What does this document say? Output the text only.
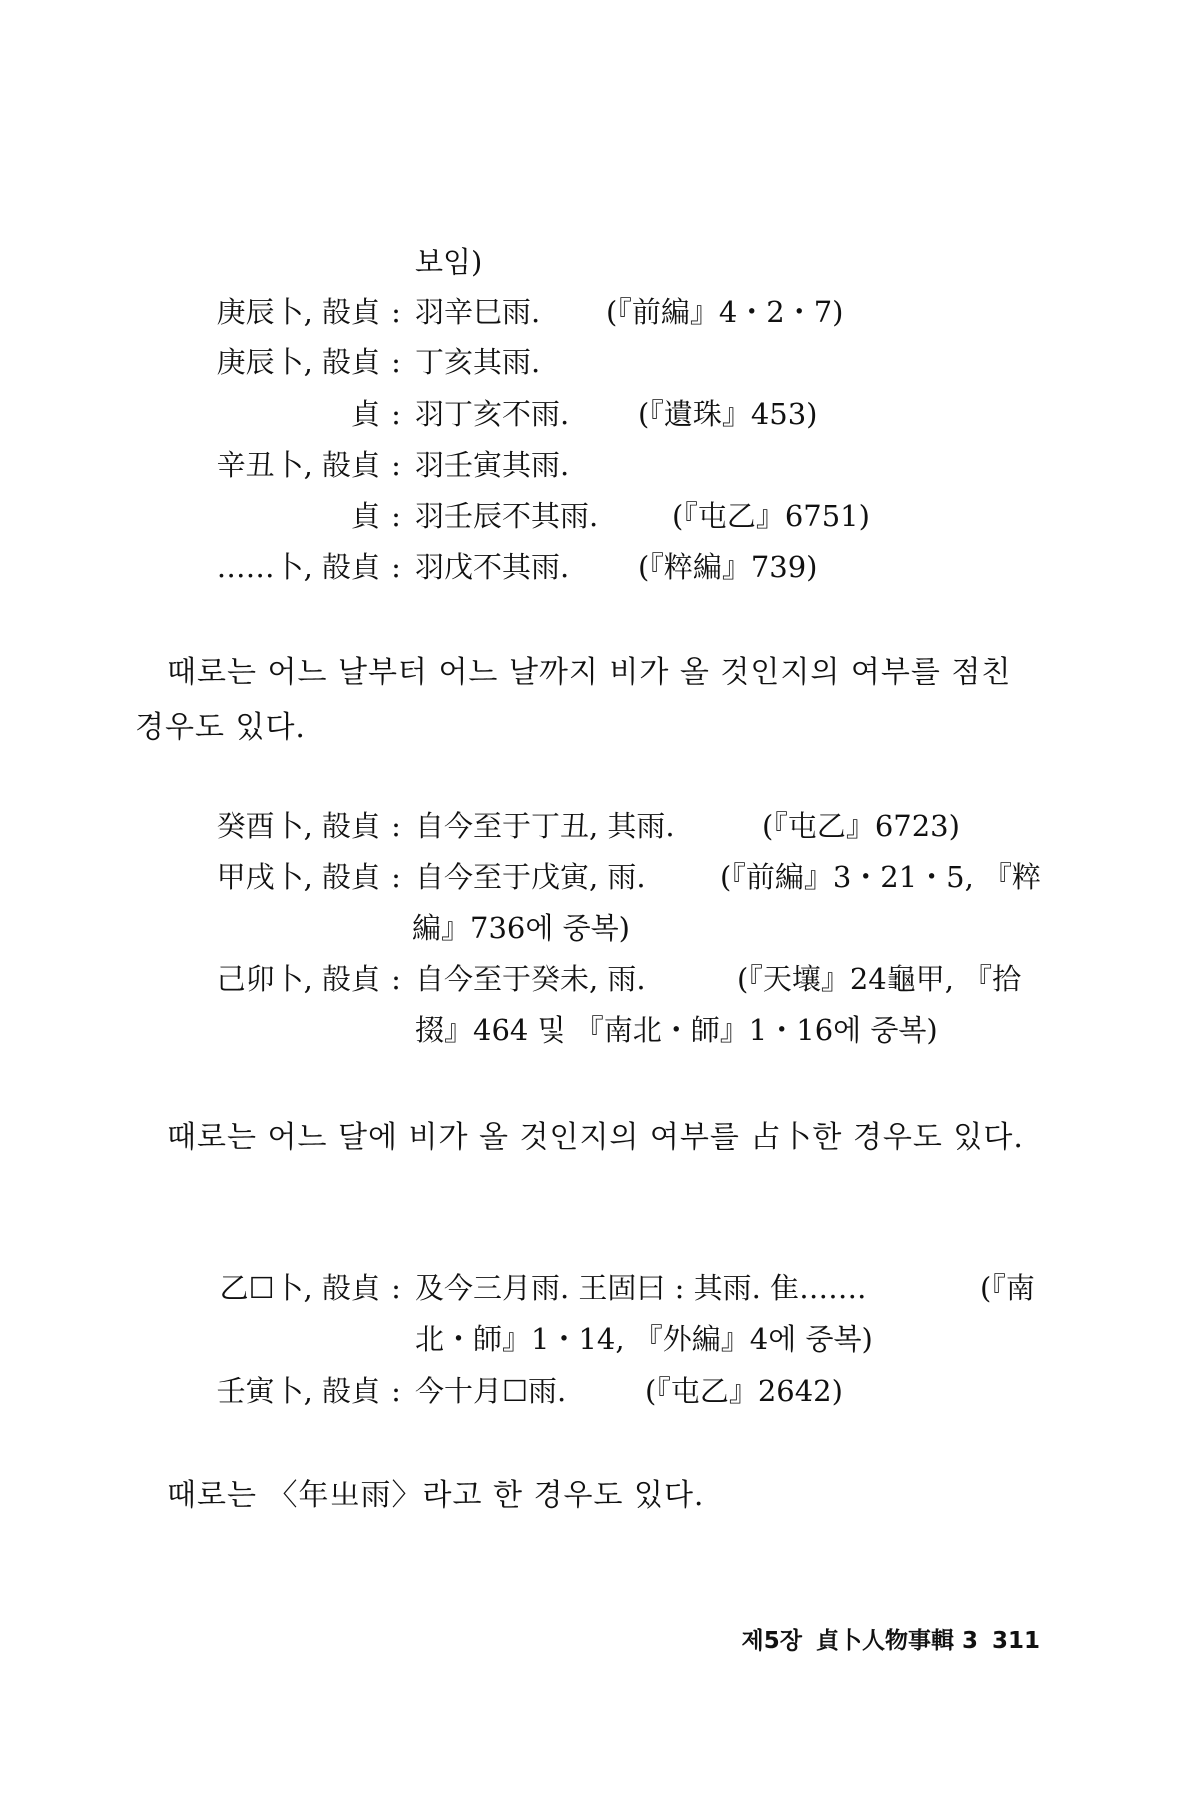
보임)
庚辰卜, 㱿貞 : 羽辛巳雨. (『前編』4・2・7)
庚辰卜, 㱿貞 : 丁亥其雨.
貞 : 羽丁亥不雨. (『遺珠』453)
辛丑卜, 㱿貞 : 羽壬寅其雨.
貞 : 羽壬辰不其雨.	(『屯乙』6751)
……卜, 㱿貞 : 羽戊不其雨. (『粹編』739)
때로는 어느 날부터 어느 날까지 비가 올 것인지의 여부를 점친 경우도 있다.
癸酉卜, 㱿貞 : 自今至于丁丑, 其雨.	(『屯乙』6723)
甲戌卜, 㱿貞 : 自今至于戊寅, 雨.	(『前編』3・21・5, 『粹
編』736에 중복)
己卯卜, 㱿貞 : 自今至于癸未, 雨.	(『天壤』24龜甲, 『拾
掇』464 및 『南北・師』1・16에 중복)
때로는 어느 달에 비가 올 것인지의 여부를 占卜한 경우도 있다.
乙☐卜, 㱿貞 : 及今三月雨. 王固曰 : 其雨. 隹…….	(『南
北・師』1・14, 『外編』4에 중복)
壬寅卜, 㱿貞 : 今十月☐雨.	(『屯乙』2642)
때로는 〈年㞢雨〉라고 한 경우도 있다.
제5장 貞卜人物事輯 3 311
